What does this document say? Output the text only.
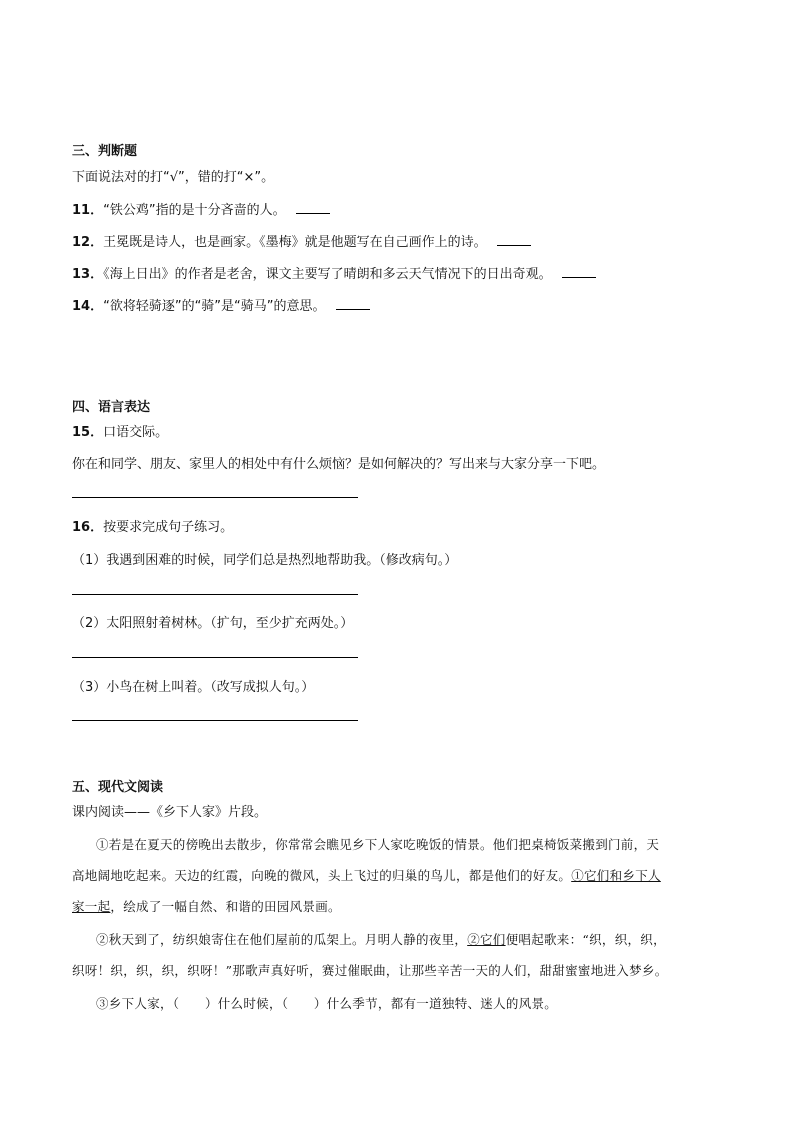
三、判断题
下面说法对的打“√”，错的打“×”。
11．“铁公鸡”指的是十分吝啬的人。
12．王冕既是诗人，也是画家。《墨梅》就是他题写在自己画作上的诗。
13．《海上日出》的作者是老舍，课文主要写了晴朗和多云天气情况下的日出奇观。
14．“欲将轻骑逐”的“骑”是“骑马”的意思。
四、语言表达
15．口语交际。
你在和同学、朋友、家里人的相处中有什么烦恼？是如何解决的？写出来与大家分享一下吧。
16．按要求完成句子练习。
（1）我遇到困难的时候，同学们总是热烈地帮助我。（修改病句。）
（2）太阳照射着树林。（扩句，至少扩充两处。）
（3）小鸟在树上叫着。（改写成拟人句。）
五、现代文阅读
课内阅读——《乡下人家》片段。
①若是在夏天的傍晚出去散步，你常常会瞧见乡下人家吃晚饭的情景。他们把桌椅饭菜搬到门前，天
高地阔地吃起来。天边的红霞，向晚的微风，头上飞过的归巢的鸟儿，都是他们的好友。①它们和乡下人
家一起，绘成了一幅自然、和谐的田园风景画。
②秋天到了，纺织娘寄住在他们屋前的瓜架上。月明人静的夜里，②它们便唱起歌来：“织，织，织，
织呀！织，织，织，织呀！”那歌声真好听，赛过催眠曲，让那些辛苦一天的人们，甜甜蜜蜜地进入梦乡。
③乡下人家，（　　）什么时候，（　　）什么季节，都有一道独特、迷人的风景。
